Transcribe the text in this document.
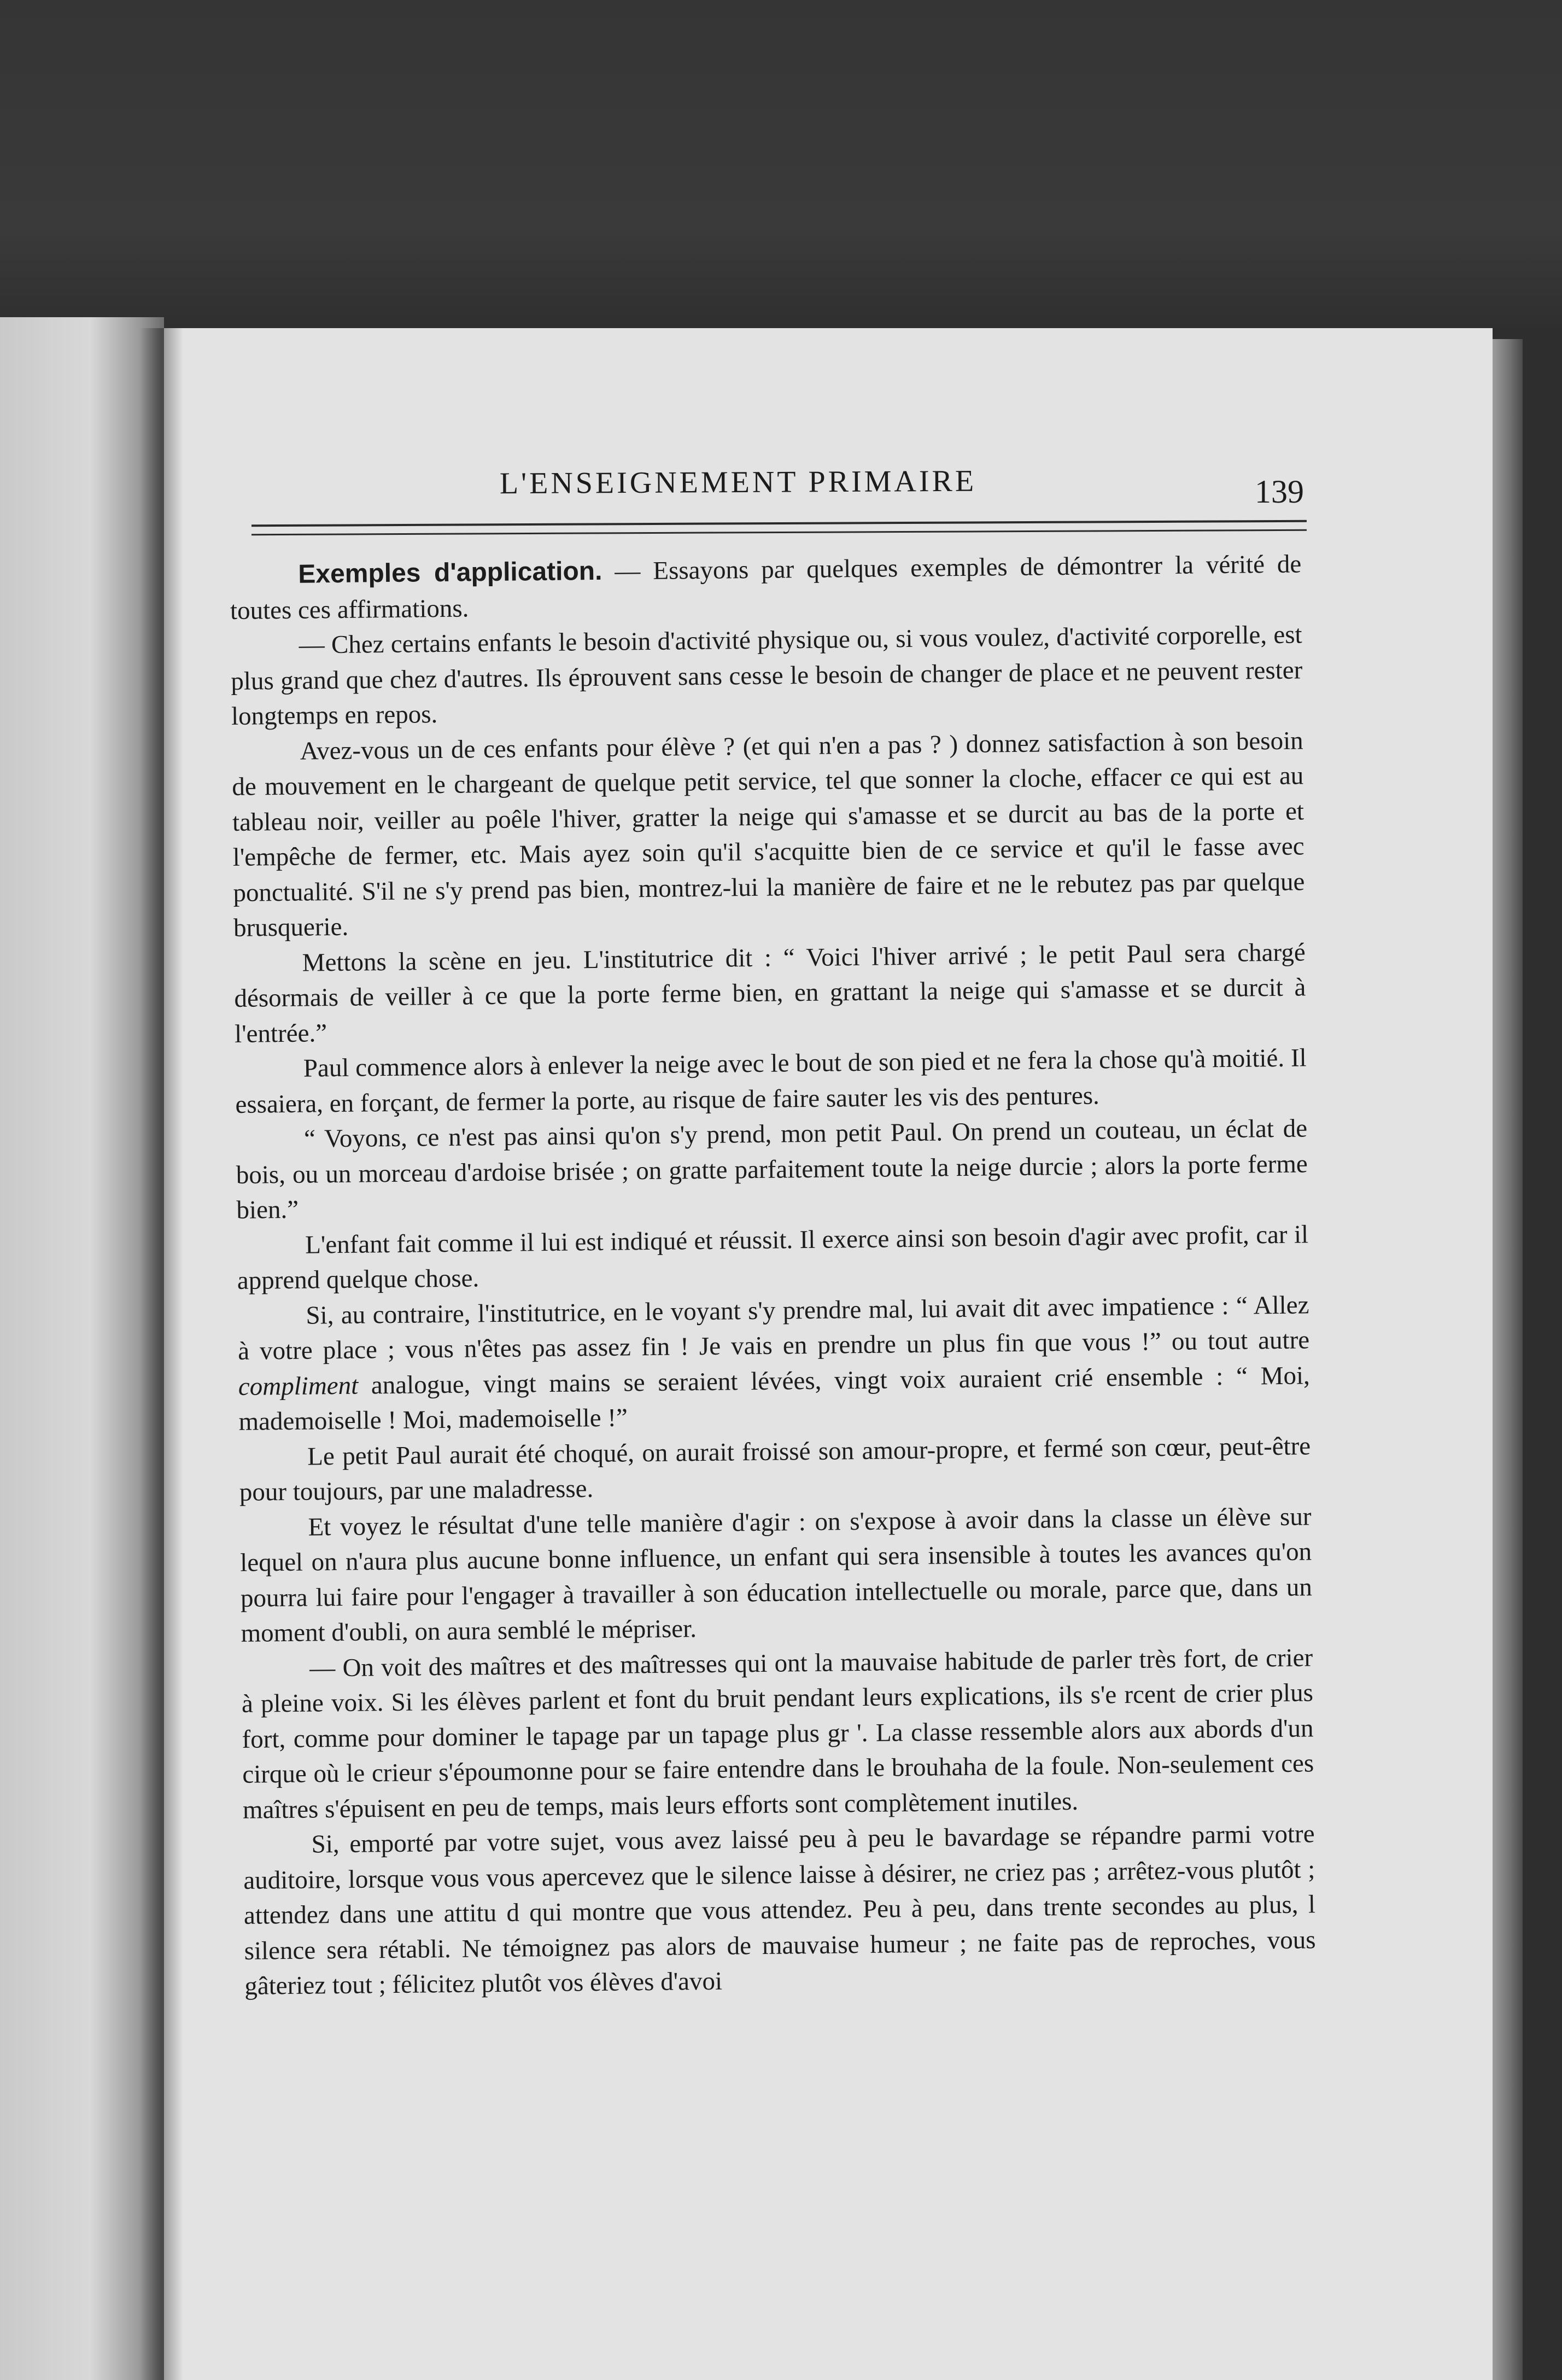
L'ENSEIGNEMENT PRIMAIRE	139

Exemples d'application. — Essayons par quelques exemples de démontrer la vérité de toutes ces affirmations.

— Chez certains enfants le besoin d'activité physique ou, si vous voulez, d'activité corporelle, est plus grand que chez d'autres. Ils éprouvent sans cesse le besoin de changer de place et ne peuvent rester longtemps en repos.

Avez-vous un de ces enfants pour élève ? (et qui n'en a pas ? ) donnez satisfaction à son besoin de mouvement en le chargeant de quelque petit service, tel que sonner la cloche, effacer ce qui est au tableau noir, veiller au poêle l'hiver, gratter la neige qui s'amasse et se durcit au bas de la porte et l'empêche de fermer, etc. Mais ayez soin qu'il s'acquitte bien de ce service et qu'il le fasse avec ponctualité. S'il ne s'y prend pas bien, montrez-lui la manière de faire et ne le rebutez pas par quelque brusquerie.

Mettons la scène en jeu. L'institutrice dit : “ Voici l'hiver arrivé ; le petit Paul sera chargé désormais de veiller à ce que la porte ferme bien, en grattant la neige qui s'amasse et se durcit à l'entrée.”

Paul commence alors à enlever la neige avec le bout de son pied et ne fera la chose qu'à moitié. Il essaiera, en forçant, de fermer la porte, au risque de faire sauter les vis des pentures.

“ Voyons, ce n'est pas ainsi qu'on s'y prend, mon petit Paul. On prend un couteau, un éclat de bois, ou un morceau d'ardoise brisée ; on gratte parfaitement toute la neige durcie ; alors la porte ferme bien.”

L'enfant fait comme il lui est indiqué et réussit. Il exerce ainsi son besoin d'agir avec profit, car il apprend quelque chose.

Si, au contraire, l'institutrice, en le voyant s'y prendre mal, lui avait dit avec impatience : “ Allez à votre place ; vous n'êtes pas assez fin ! Je vais en prendre un plus fin que vous !” ou tout autre compliment analogue, vingt mains se seraient lévées, vingt voix auraient crié ensemble : “ Moi, mademoiselle ! Moi, mademoiselle !”

Le petit Paul aurait été choqué, on aurait froissé son amour-propre, et fermé son cœur, peut-être pour toujours, par une maladresse.

Et voyez le résultat d'une telle manière d'agir : on s'expose à avoir dans la classe un élève sur lequel on n'aura plus aucune bonne influence, un enfant qui sera insensible à toutes les avances qu'on pourra lui faire pour l'engager à travailler à son éducation intellectuelle ou morale, parce que, dans un moment d'oubli, on aura semblé le mépriser.

— On voit des maîtres et des maîtresses qui ont la mauvaise habitude de parler très fort, de crier à pleine voix. Si les élèves parlent et font du bruit pendant leurs explications, ils s'e rcent de crier plus fort, comme pour dominer le tapage par un tapage plus gr '. La classe ressemble alors aux abords d'un cirque où le crieur s'époumonne pour se faire entendre dans le brouhaha de la foule. Non-seulement ces maîtres s'épuisent en peu de temps, mais leurs efforts sont complètement inutiles.

Si, emporté par votre sujet, vous avez laissé peu à peu le bavardage se répandre parmi votre auditoire, lorsque vous vous apercevez que le silence laisse à désirer, ne criez pas ; arrêtez-vous plutôt ; attendez dans une attitu d qui montre que vous attendez. Peu à peu, dans trente secondes au plus, l silence sera rétabli. Ne témoignez pas alors de mauvaise humeur ; ne faite pas de reproches, vous gâteriez tout ; félicitez plutôt vos élèves d'avoi
